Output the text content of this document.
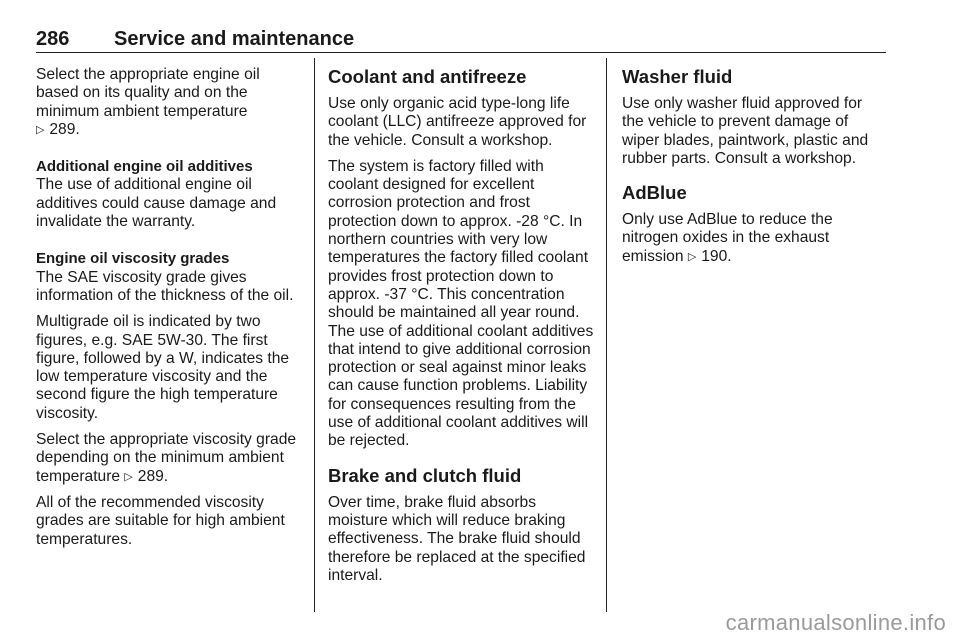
286 Service and maintenance

Select the appropriate engine oil based on its quality and on the minimum ambient temperature
▷ 289.

Additional engine oil additives

The use of additional engine oil additives could cause damage and invalidate the warranty.

Engine oil viscosity grades

The SAE viscosity grade gives information of the thickness of the oil.

Multigrade oil is indicated by two figures, e.g. SAE 5W-30. The first figure, followed by a W, indicates the low temperature viscosity and the second figure the high temperature viscosity.

Select the appropriate viscosity grade depending on the minimum ambient temperature ▷ 289.

All of the recommended viscosity grades are suitable for high ambient temperatures.

Coolant and antifreeze

Use only organic acid type-long life coolant (LLC) antifreeze approved for the vehicle. Consult a workshop.

The system is factory filled with coolant designed for excellent corrosion protection and frost protection down to approx. -28 °C. In northern countries with very low temperatures the factory filled coolant provides frost protection down to approx. -37 °C. This concentration should be maintained all year round. The use of additional coolant additives that intend to give additional corrosion protection or seal against minor leaks can cause function problems. Liability for consequences resulting from the use of additional coolant additives will be rejected.

Brake and clutch fluid

Over time, brake fluid absorbs moisture which will reduce braking effectiveness. The brake fluid should therefore be replaced at the specified interval.

Washer fluid

Use only washer fluid approved for the vehicle to prevent damage of wiper blades, paintwork, plastic and rubber parts. Consult a workshop.

AdBlue

Only use AdBlue to reduce the nitrogen oxides in the exhaust emission ▷ 190.

carmanualsonline.info
